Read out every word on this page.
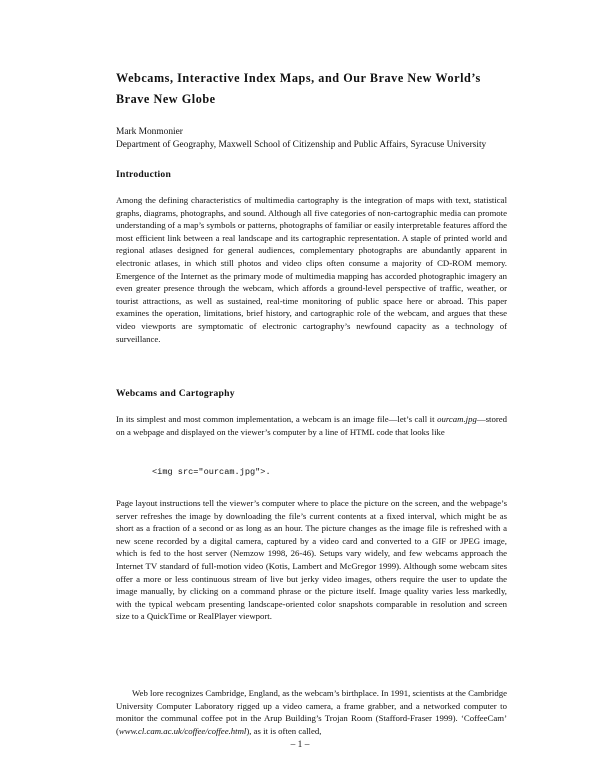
Webcams, Interactive Index Maps, and Our Brave New World’s Brave New Globe
Mark Monmonier
Department of Geography, Maxwell School of Citizenship and Public Affairs, Syracuse University
Introduction

Among the defining characteristics of multimedia cartography is the integration of maps with text, statistical graphs, diagrams, photographs, and sound. Although all five categories of non-cartographic media can promote understanding of a map’s symbols or patterns, photographs of familiar or easily interpretable features afford the most efficient link between a real landscape and its cartographic representation. A staple of printed world and regional atlases designed for general audiences, complementary photographs are abundantly apparent in electronic atlases, in which still photos and video clips often consume a majority of CD-ROM memory. Emergence of the Internet as the primary mode of multimedia mapping has accorded photographic imagery an even greater presence through the webcam, which affords a ground-level perspective of traffic, weather, or tourist attractions, as well as sustained, real-time monitoring of public space here or abroad. This paper examines the operation, limitations, brief history, and cartographic role of the webcam, and argues that these video viewports are symptomatic of electronic cartography’s newfound capacity as a technology of surveillance.

Webcams and Cartography

In its simplest and most common implementation, a webcam is an image file—let’s call it ourcam.jpg—stored on a webpage and displayed on the viewer’s computer by a line of HTML code that looks like

<img src="ourcam.jpg">.

Page layout instructions tell the viewer’s computer where to place the picture on the screen, and the webpage’s server refreshes the image by downloading the file’s current contents at a fixed interval, which might be as short as a fraction of a second or as long as an hour. The picture changes as the image file is refreshed with a new scene recorded by a digital camera, captured by a video card and converted to a GIF or JPEG image, which is fed to the host server (Nemzow 1998, 26-46). Setups vary widely, and few webcams approach the Internet TV standard of full-motion video (Kotis, Lambert and McGregor 1999). Although some webcam sites offer a more or less continuous stream of live but jerky video images, others require the user to update the image manually, by clicking on a command phrase or the picture itself. Image quality varies less markedly, with the typical webcam presenting landscape-oriented color snapshots comparable in resolution and screen size to a QuickTime or RealPlayer viewport.

Web lore recognizes Cambridge, England, as the webcam’s birthplace. In 1991, scientists at the Cambridge University Computer Laboratory rigged up a video camera, a frame grabber, and a networked computer to monitor the communal coffee pot in the Arup Building’s Trojan Room (Stafford-Fraser 1999). ‘CoffeeCam’ (www.cl.cam.ac.uk/coffee/coffee.html), as it is often called,

– 1 –
